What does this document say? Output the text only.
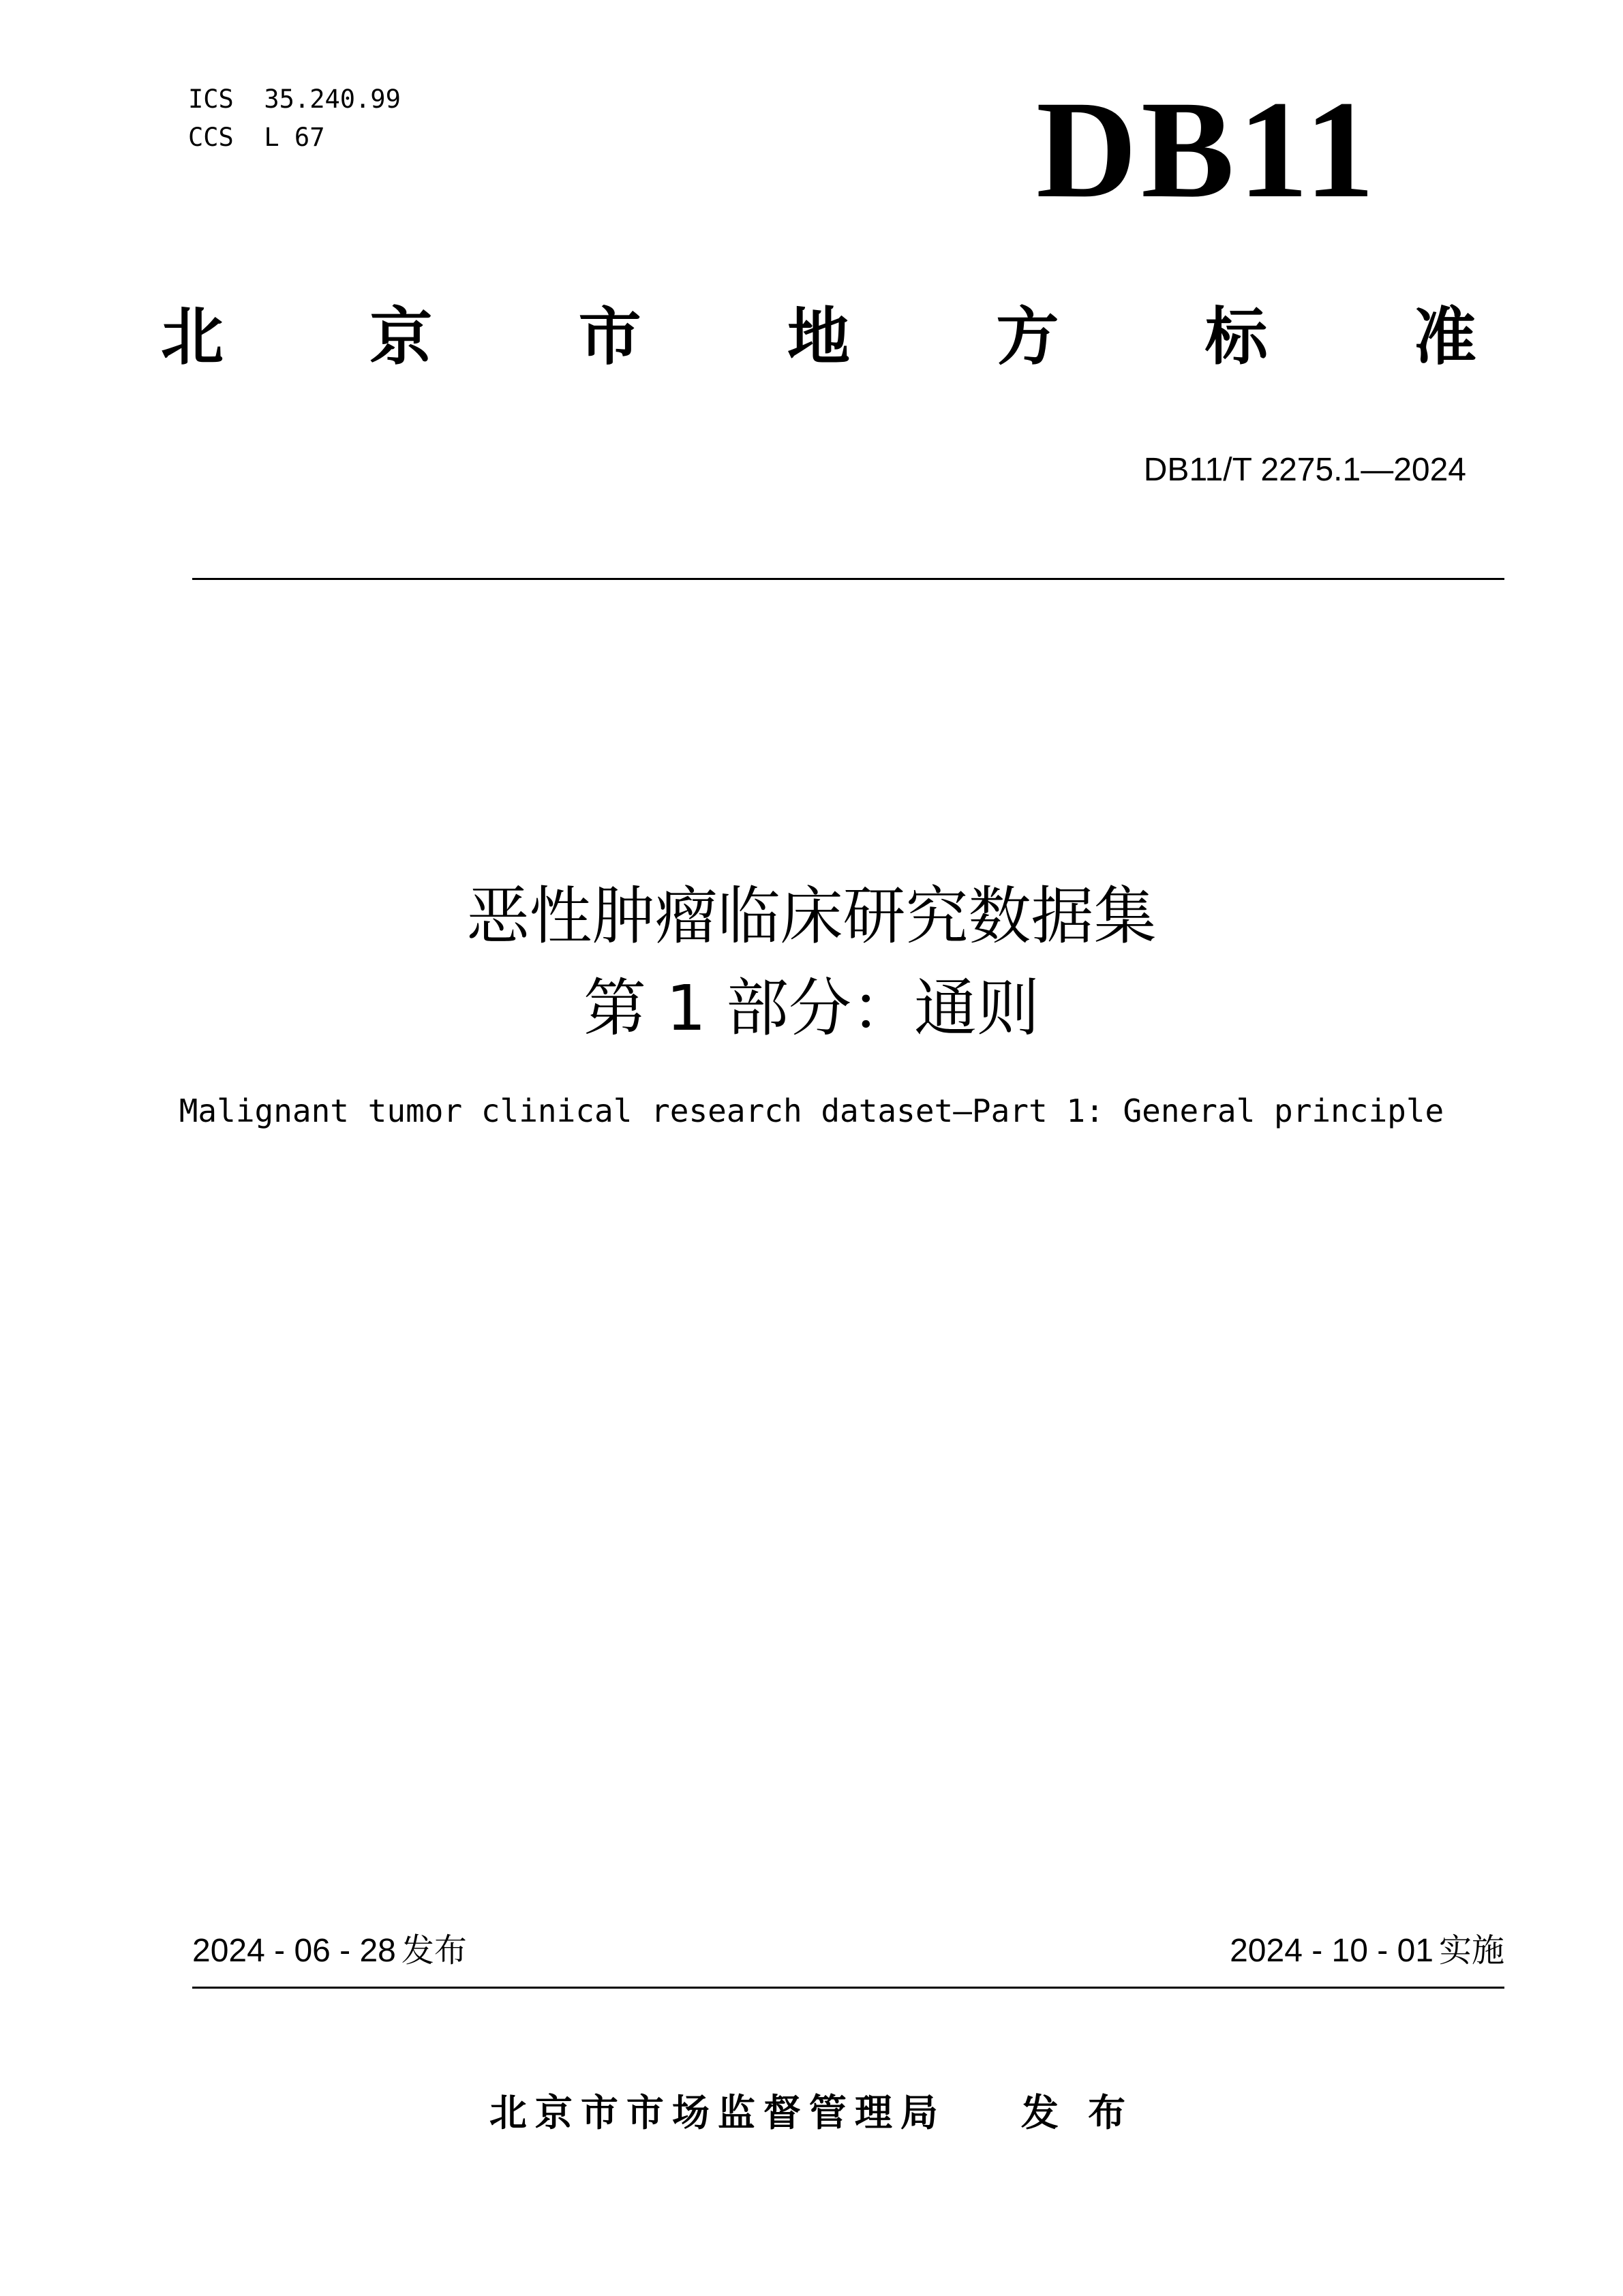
ICS  35.240.99
CCS  L 67	DB11
北 京 市 地 方 标 准
DB11/T 2275.1—2024
恶性肿瘤临床研究数据集
第 1 部分：通则
Malignant tumor clinical research dataset—Part 1: General principle
2024 - 06 - 28 发布	2024 - 10 - 01 实施
北京市市场监督管理局 发 布
